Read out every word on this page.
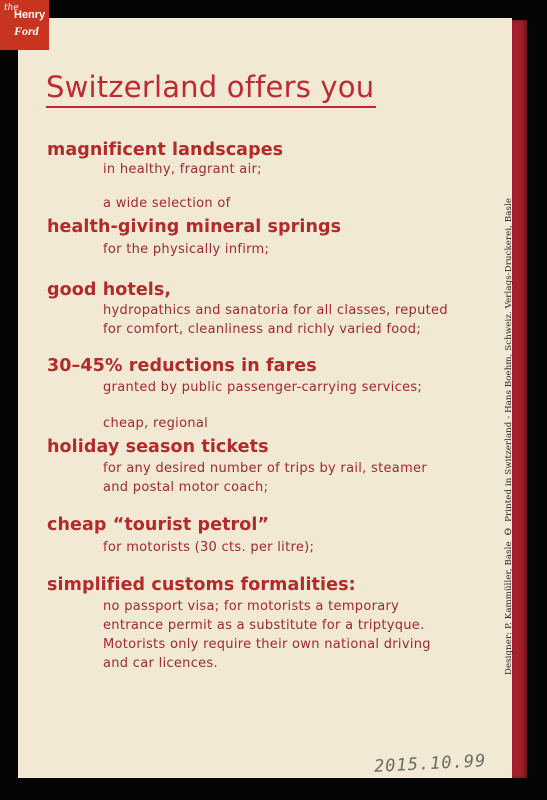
the
Henry
Ford
Switzerland offers you
magnificent landscapes
in healthy, fragrant air;
a wide selection of
health-giving mineral springs
for the physically infirm;
good hotels,
hydropathics and sanatoria for all classes, reputed
for comfort, cleanliness and richly varied food;
30–45% reductions in fares
granted by public passenger-carrying services;
cheap, regional
holiday season tickets
for any desired number of trips by rail, steamer
and postal motor coach;
cheap “tourist petrol”
for motorists (30 cts. per litre);
simplified customs formalities:
no passport visa; for motorists a temporary
entrance permit as a substitute for a triptyque.
Motorists only require their own national driving
and car licences.	Designer: P. Kammüller, Basle ⚇ Printed in Switzerland - Hans Boehm, Schweiz. Verlags-Druckerei, Basle
2015.10.99
